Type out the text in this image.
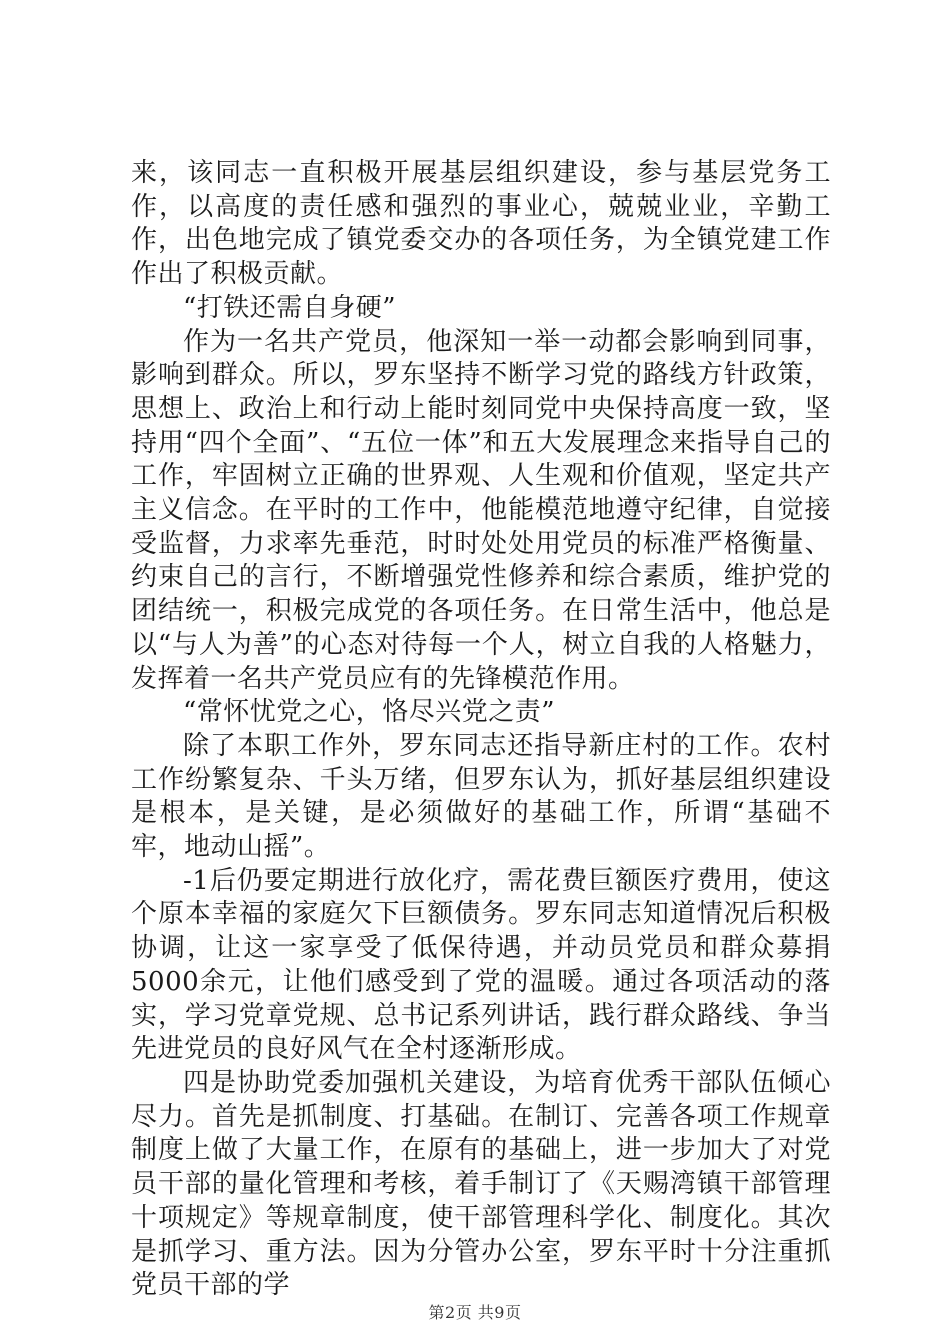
来，该同志一直积极开展基层组织建设，参与基层党务工作，以高度的责任感和强烈的事业心，兢兢业业，辛勤工作，出色地完成了镇党委交办的各项任务，为全镇党建工作作出了积极贡献。

“打铁还需自身硬”

作为一名共产党员，他深知一举一动都会影响到同事，影响到群众。所以，罗东坚持不断学习党的路线方针政策，思想上、政治上和行动上能时刻同党中央保持高度一致，坚持用“四个全面”、“五位一体”和五大发展理念来指导自己的工作，牢固树立正确的世界观、人生观和价值观，坚定共产主义信念。在平时的工作中，他能模范地遵守纪律，自觉接受监督，力求率先垂范，时时处处用党员的标准严格衡量、约束自己的言行，不断增强党性修养和综合素质，维护党的团结统一，积极完成党的各项任务。在日常生活中，他总是以“与人为善”的心态对待每一个人，树立自我的人格魅力，发挥着一名共产党员应有的先锋模范作用。

“常怀忧党之心，恪尽兴党之责”

除了本职工作外，罗东同志还指导新庄村的工作。农村工作纷繁复杂、千头万绪，但罗东认为，抓好基层组织建设是根本，是关键，是必须做好的基础工作，所谓“基础不牢，地动山摇”。

-1后仍要定期进行放化疗，需花费巨额医疗费用，使这个原本幸福的家庭欠下巨额债务。罗东同志知道情况后积极协调，让这一家享受了低保待遇，并动员党员和群众募捐5000余元，让他们感受到了党的温暖。通过各项活动的落实，学习党章党规、总书记系列讲话，践行群众路线、争当先进党员的良好风气在全村逐渐形成。

四是协助党委加强机关建设，为培育优秀干部队伍倾心尽力。首先是抓制度、打基础。在制订、完善各项工作规章制度上做了大量工作，在原有的基础上，进一步加大了对党员干部的量化管理和考核，着手制订了《天赐湾镇干部管理十项规定》等规章制度，使干部管理科学化、制度化。其次是抓学习、重方法。因为分管办公室，罗东平时十分注重抓党员干部的学

第2页 共9页
